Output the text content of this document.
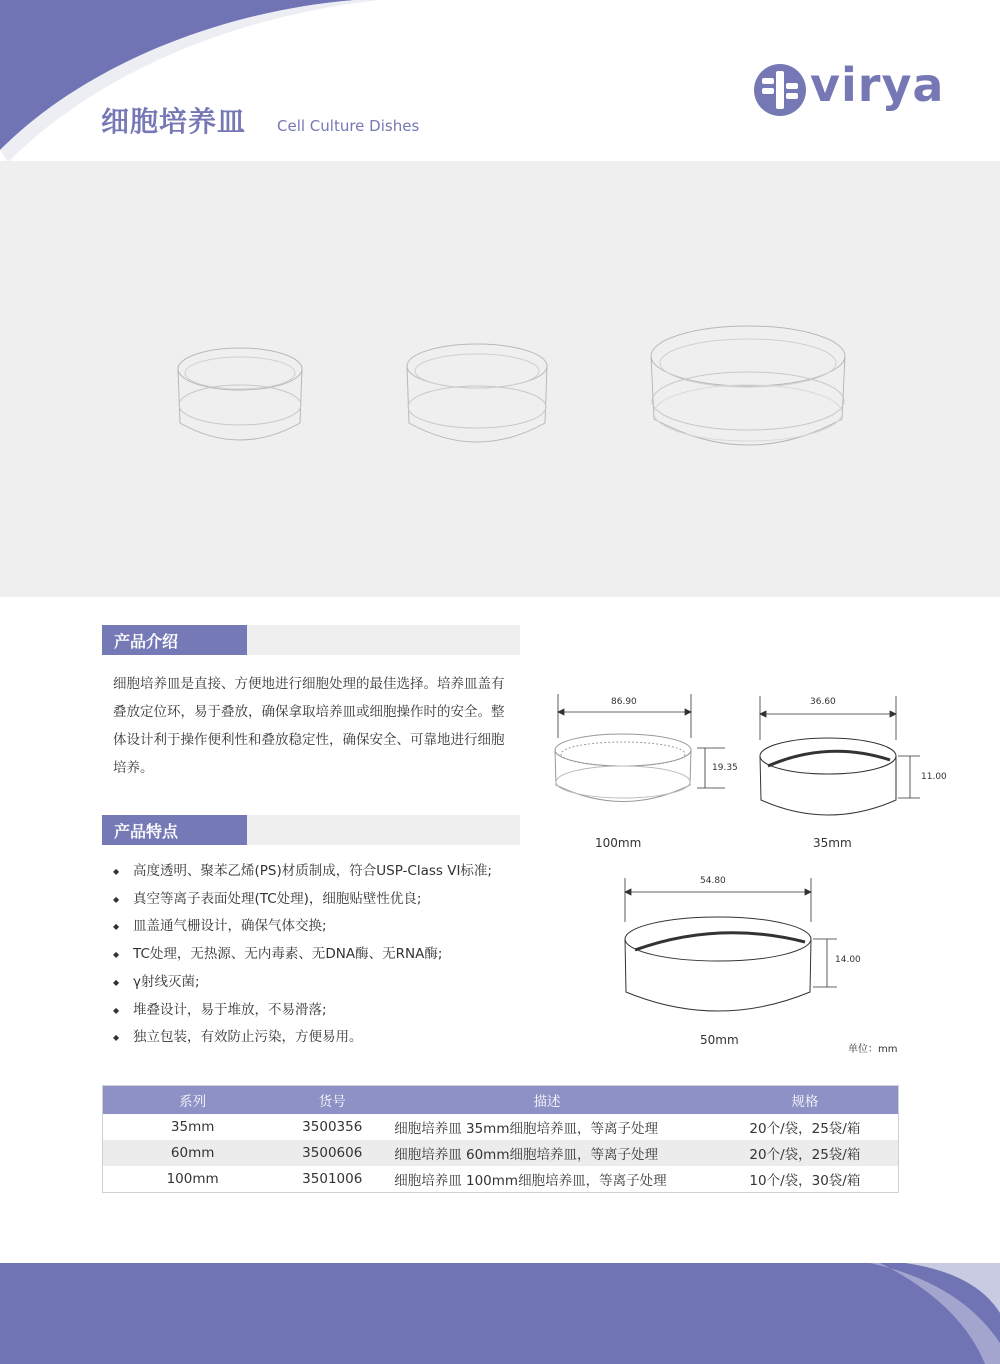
细胞培养皿 Cell Culture Dishes
virya
产品介绍
细胞培养皿是直接、方便地进行细胞处理的最佳选择。培养皿盖有叠放定位环，易于叠放，确保拿取培养皿或细胞操作时的安全。整体设计利于操作便利性和叠放稳定性，确保安全、可靠地进行细胞培养。
产品特点
◆ 高度透明、聚苯乙烯(PS)材质制成，符合USP-Class VI标准;
◆ 真空等离子表面处理(TC处理)，细胞贴壁性优良;
◆ 皿盖通气栅设计，确保气体交换;
◆ TC处理，无热源、无内毒素、无DNA酶、无RNA酶;
◆ γ射线灭菌;
◆ 堆叠设计，易于堆放，不易滑落;
◆ 独立包装，有效防止污染，方便易用。
86.90
19.35
100mm
36.60
11.00
35mm
54.80
14.00
50mm
单位：mm
系列	货号	描述	规格
35mm	3500356	细胞培养皿 35mm细胞培养皿，等离子处理	20个/袋，25袋/箱
60mm	3500606	细胞培养皿 60mm细胞培养皿，等离子处理	20个/袋，25袋/箱
100mm	3501006	细胞培养皿 100mm细胞培养皿，等离子处理	10个/袋，30袋/箱
